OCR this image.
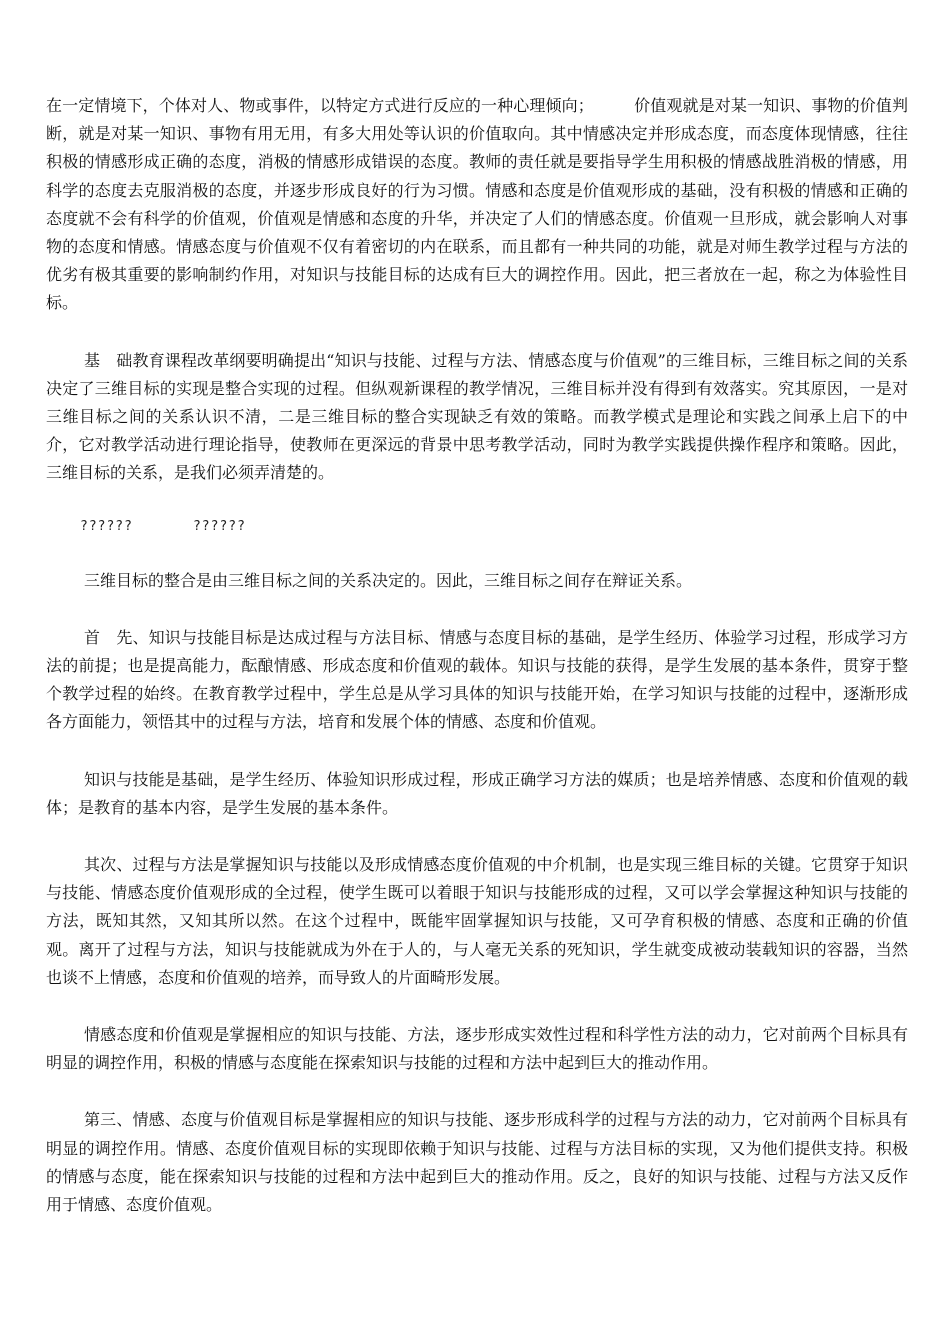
在一定情境下，个体对人、物或事件，以特定方式进行反应的一种心理倾向；　　　价值观就是对某一知识、事物的价值判断，就是对某一知识、事物有用无用，有多大用处等认识的价值取向。其中情感决定并形成态度，而态度体现情感，往往积极的情感形成正确的态度，消极的情感形成错误的态度。教师的责任就是要指导学生用积极的情感战胜消极的情感，用科学的态度去克服消极的态度，并逐步形成良好的行为习惯。情感和态度是价值观形成的基础，没有积极的情感和正确的态度就不会有科学的价值观，价值观是情感和态度的升华，并决定了人们的情感态度。价值观一旦形成，就会影响人对事物的态度和情感。情感态度与价值观不仅有着密切的内在联系，而且都有一种共同的功能，就是对师生教学过程与方法的优劣有极其重要的影响制约作用，对知识与技能目标的达成有巨大的调控作用。因此，把三者放在一起，称之为体验性目标。

基　础教育课程改革纲要明确提出“知识与技能、过程与方法、情感态度与价值观”的三维目标，三维目标之间的关系决定了三维目标的实现是整合实现的过程。但纵观新课程的教学情况，三维目标并没有得到有效落实。究其原因，一是对三维目标之间的关系认识不清，二是三维目标的整合实现缺乏有效的策略。而教学模式是理论和实践之间承上启下的中介，它对教学活动进行理论指导，使教师在更深远的背景中思考教学活动，同时为教学实践提供操作程序和策略。因此，三维目标的关系，是我们必须弄清楚的。

??????	??????

三维目标的整合是由三维目标之间的关系决定的。因此，三维目标之间存在辩证关系。

首　先、知识与技能目标是达成过程与方法目标、情感与态度目标的基础，是学生经历、体验学习过程，形成学习方法的前提；也是提高能力，酝酿情感、形成态度和价值观的载体。知识与技能的获得，是学生发展的基本条件，贯穿于整个教学过程的始终。在教育教学过程中，学生总是从学习具体的知识与技能开始，在学习知识与技能的过程中，逐渐形成各方面能力，领悟其中的过程与方法，培育和发展个体的情感、态度和价值观。

知识与技能是基础，是学生经历、体验知识形成过程，形成正确学习方法的媒质；也是培养情感、态度和价值观的载体；是教育的基本内容，是学生发展的基本条件。

其次、过程与方法是掌握知识与技能以及形成情感态度价值观的中介机制，也是实现三维目标的关键。它贯穿于知识与技能、情感态度价值观形成的全过程，使学生既可以着眼于知识与技能形成的过程，又可以学会掌握这种知识与技能的方法，既知其然，又知其所以然。在这个过程中，既能牢固掌握知识与技能，又可孕育积极的情感、态度和正确的价值观。离开了过程与方法，知识与技能就成为外在于人的，与人毫无关系的死知识，学生就变成被动装载知识的容器，当然也谈不上情感，态度和价值观的培养，而导致人的片面畸形发展。

情感态度和价值观是掌握相应的知识与技能、方法，逐步形成实效性过程和科学性方法的动力，它对前两个目标具有明显的调控作用，积极的情感与态度能在探索知识与技能的过程和方法中起到巨大的推动作用。

第三、情感、态度与价值观目标是掌握相应的知识与技能、逐步形成科学的过程与方法的动力，它对前两个目标具有明显的调控作用。情感、态度价值观目标的实现即依赖于知识与技能、过程与方法目标的实现，又为他们提供支持。积极的情感与态度，能在探索知识与技能的过程和方法中起到巨大的推动作用。反之，良好的知识与技能、过程与方法又反作用于情感、态度价值观。
